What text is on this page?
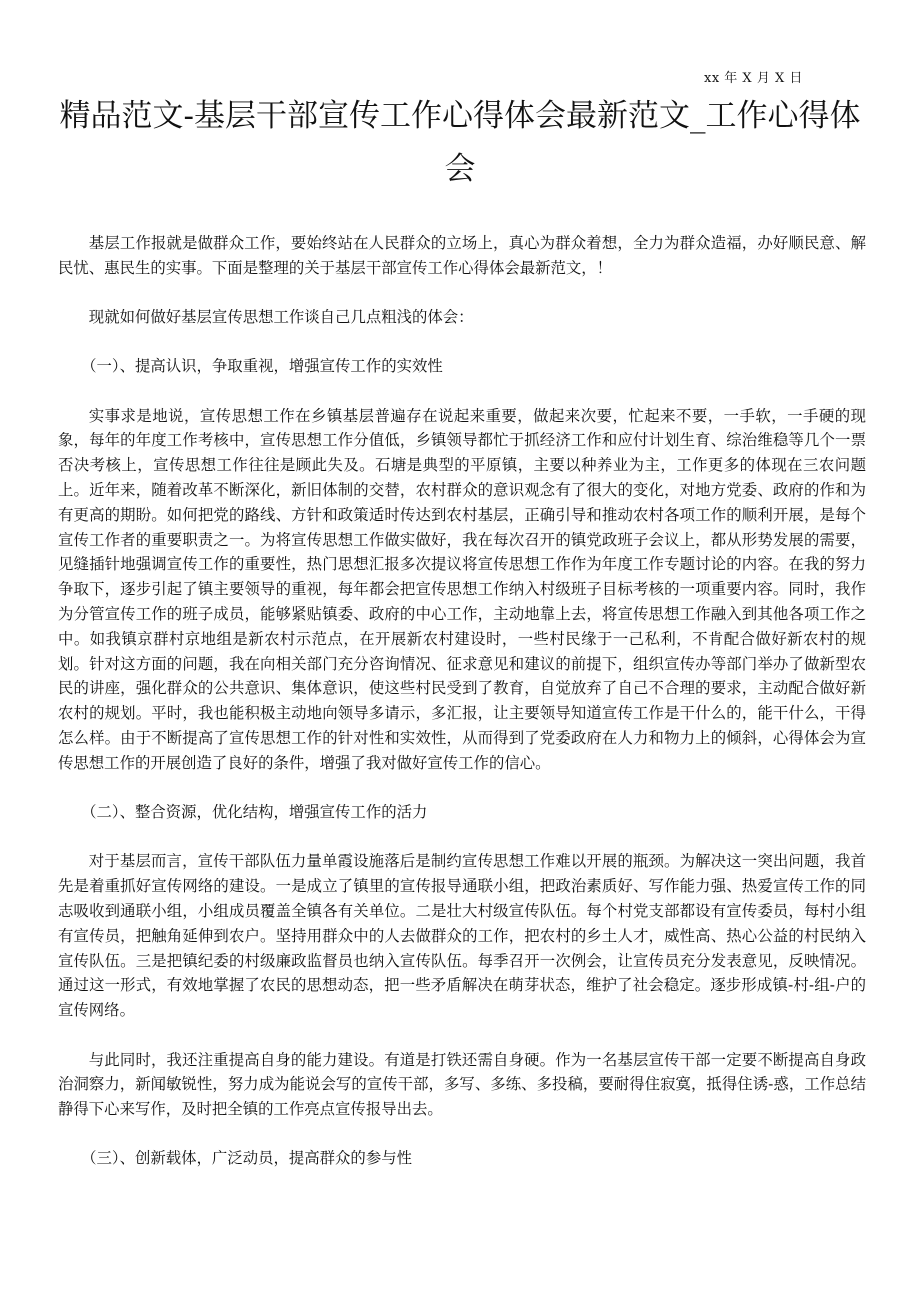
xx 年 X 月 X 日
精品范文-基层干部宣传工作心得体会最新范文_工作心得体会

基层工作报就是做群众工作，要始终站在人民群众的立场上，真心为群众着想，全力为群众造福，办好顺民意、解民忧、惠民生的实事。下面是整理的关于基层干部宣传工作心得体会最新范文，！

现就如何做好基层宣传思想工作谈自己几点粗浅的体会：

（一）、提高认识，争取重视，增强宣传工作的实效性

实事求是地说，宣传思想工作在乡镇基层普遍存在说起来重要，做起来次要，忙起来不要，一手软，一手硬的现象，每年的年度工作考核中，宣传思想工作分值低，乡镇领导都忙于抓经济工作和应付计划生育、综治维稳等几个一票否决考核上，宣传思想工作往往是顾此失及。石塘是典型的平原镇，主要以种养业为主，工作更多的体现在三农问题上。近年来，随着改革不断深化，新旧体制的交替，农村群众的意识观念有了很大的变化，对地方党委、政府的作和为有更高的期盼。如何把党的路线、方针和政策适时传达到农村基层，正确引导和推动农村各项工作的顺利开展，是每个宣传工作者的重要职责之一。为将宣传思想工作做实做好，我在每次召开的镇党政班子会议上，都从形势发展的需要，见缝插针地强调宣传工作的重要性，热门思想汇报多次提议将宣传思想工作作为年度工作专题讨论的内容。在我的努力争取下，逐步引起了镇主要领导的重视，每年都会把宣传思想工作纳入村级班子目标考核的一项重要内容。同时，我作为分管宣传工作的班子成员，能够紧贴镇委、政府的中心工作，主动地靠上去，将宣传思想工作融入到其他各项工作之中。如我镇京群村京地组是新农村示范点，在开展新农村建设时，一些村民缘于一己私利，不肯配合做好新农村的规划。针对这方面的问题，我在向相关部门充分咨询情况、征求意见和建议的前提下，组织宣传办等部门举办了做新型农民的讲座，强化群众的公共意识、集体意识，使这些村民受到了教育，自觉放弃了自己不合理的要求，主动配合做好新农村的规划。平时，我也能积极主动地向领导多请示，多汇报，让主要领导知道宣传工作是干什么的，能干什么，干得怎么样。由于不断提高了宣传思想工作的针对性和实效性，从而得到了党委政府在人力和物力上的倾斜，心得体会为宣传思想工作的开展创造了良好的条件，增强了我对做好宣传工作的信心。

（二）、整合资源，优化结构，增强宣传工作的活力

对于基层而言，宣传干部队伍力量单霞设施落后是制约宣传思想工作难以开展的瓶颈。为解决这一突出问题，我首先是着重抓好宣传网络的建设。一是成立了镇里的宣传报导通联小组，把政治素质好、写作能力强、热爱宣传工作的同志吸收到通联小组，小组成员覆盖全镇各有关单位。二是壮大村级宣传队伍。每个村党支部都设有宣传委员，每村小组有宣传员，把触角延伸到农户。坚持用群众中的人去做群众的工作，把农村的乡土人才，威性高、热心公益的村民纳入宣传队伍。三是把镇纪委的村级廉政监督员也纳入宣传队伍。每季召开一次例会，让宣传员充分发表意见，反映情况。通过这一形式，有效地掌握了农民的思想动态，把一些矛盾解决在萌芽状态，维护了社会稳定。逐步形成镇-村-组-户的宣传网络。

与此同时，我还注重提高自身的能力建设。有道是打铁还需自身硬。作为一名基层宣传干部一定要不断提高自身政治洞察力，新闻敏锐性，努力成为能说会写的宣传干部，多写、多练、多投稿，要耐得住寂寞，抵得住诱-惑，工作总结静得下心来写作，及时把全镇的工作亮点宣传报导出去。

（三）、创新载体，广泛动员，提高群众的参与性
